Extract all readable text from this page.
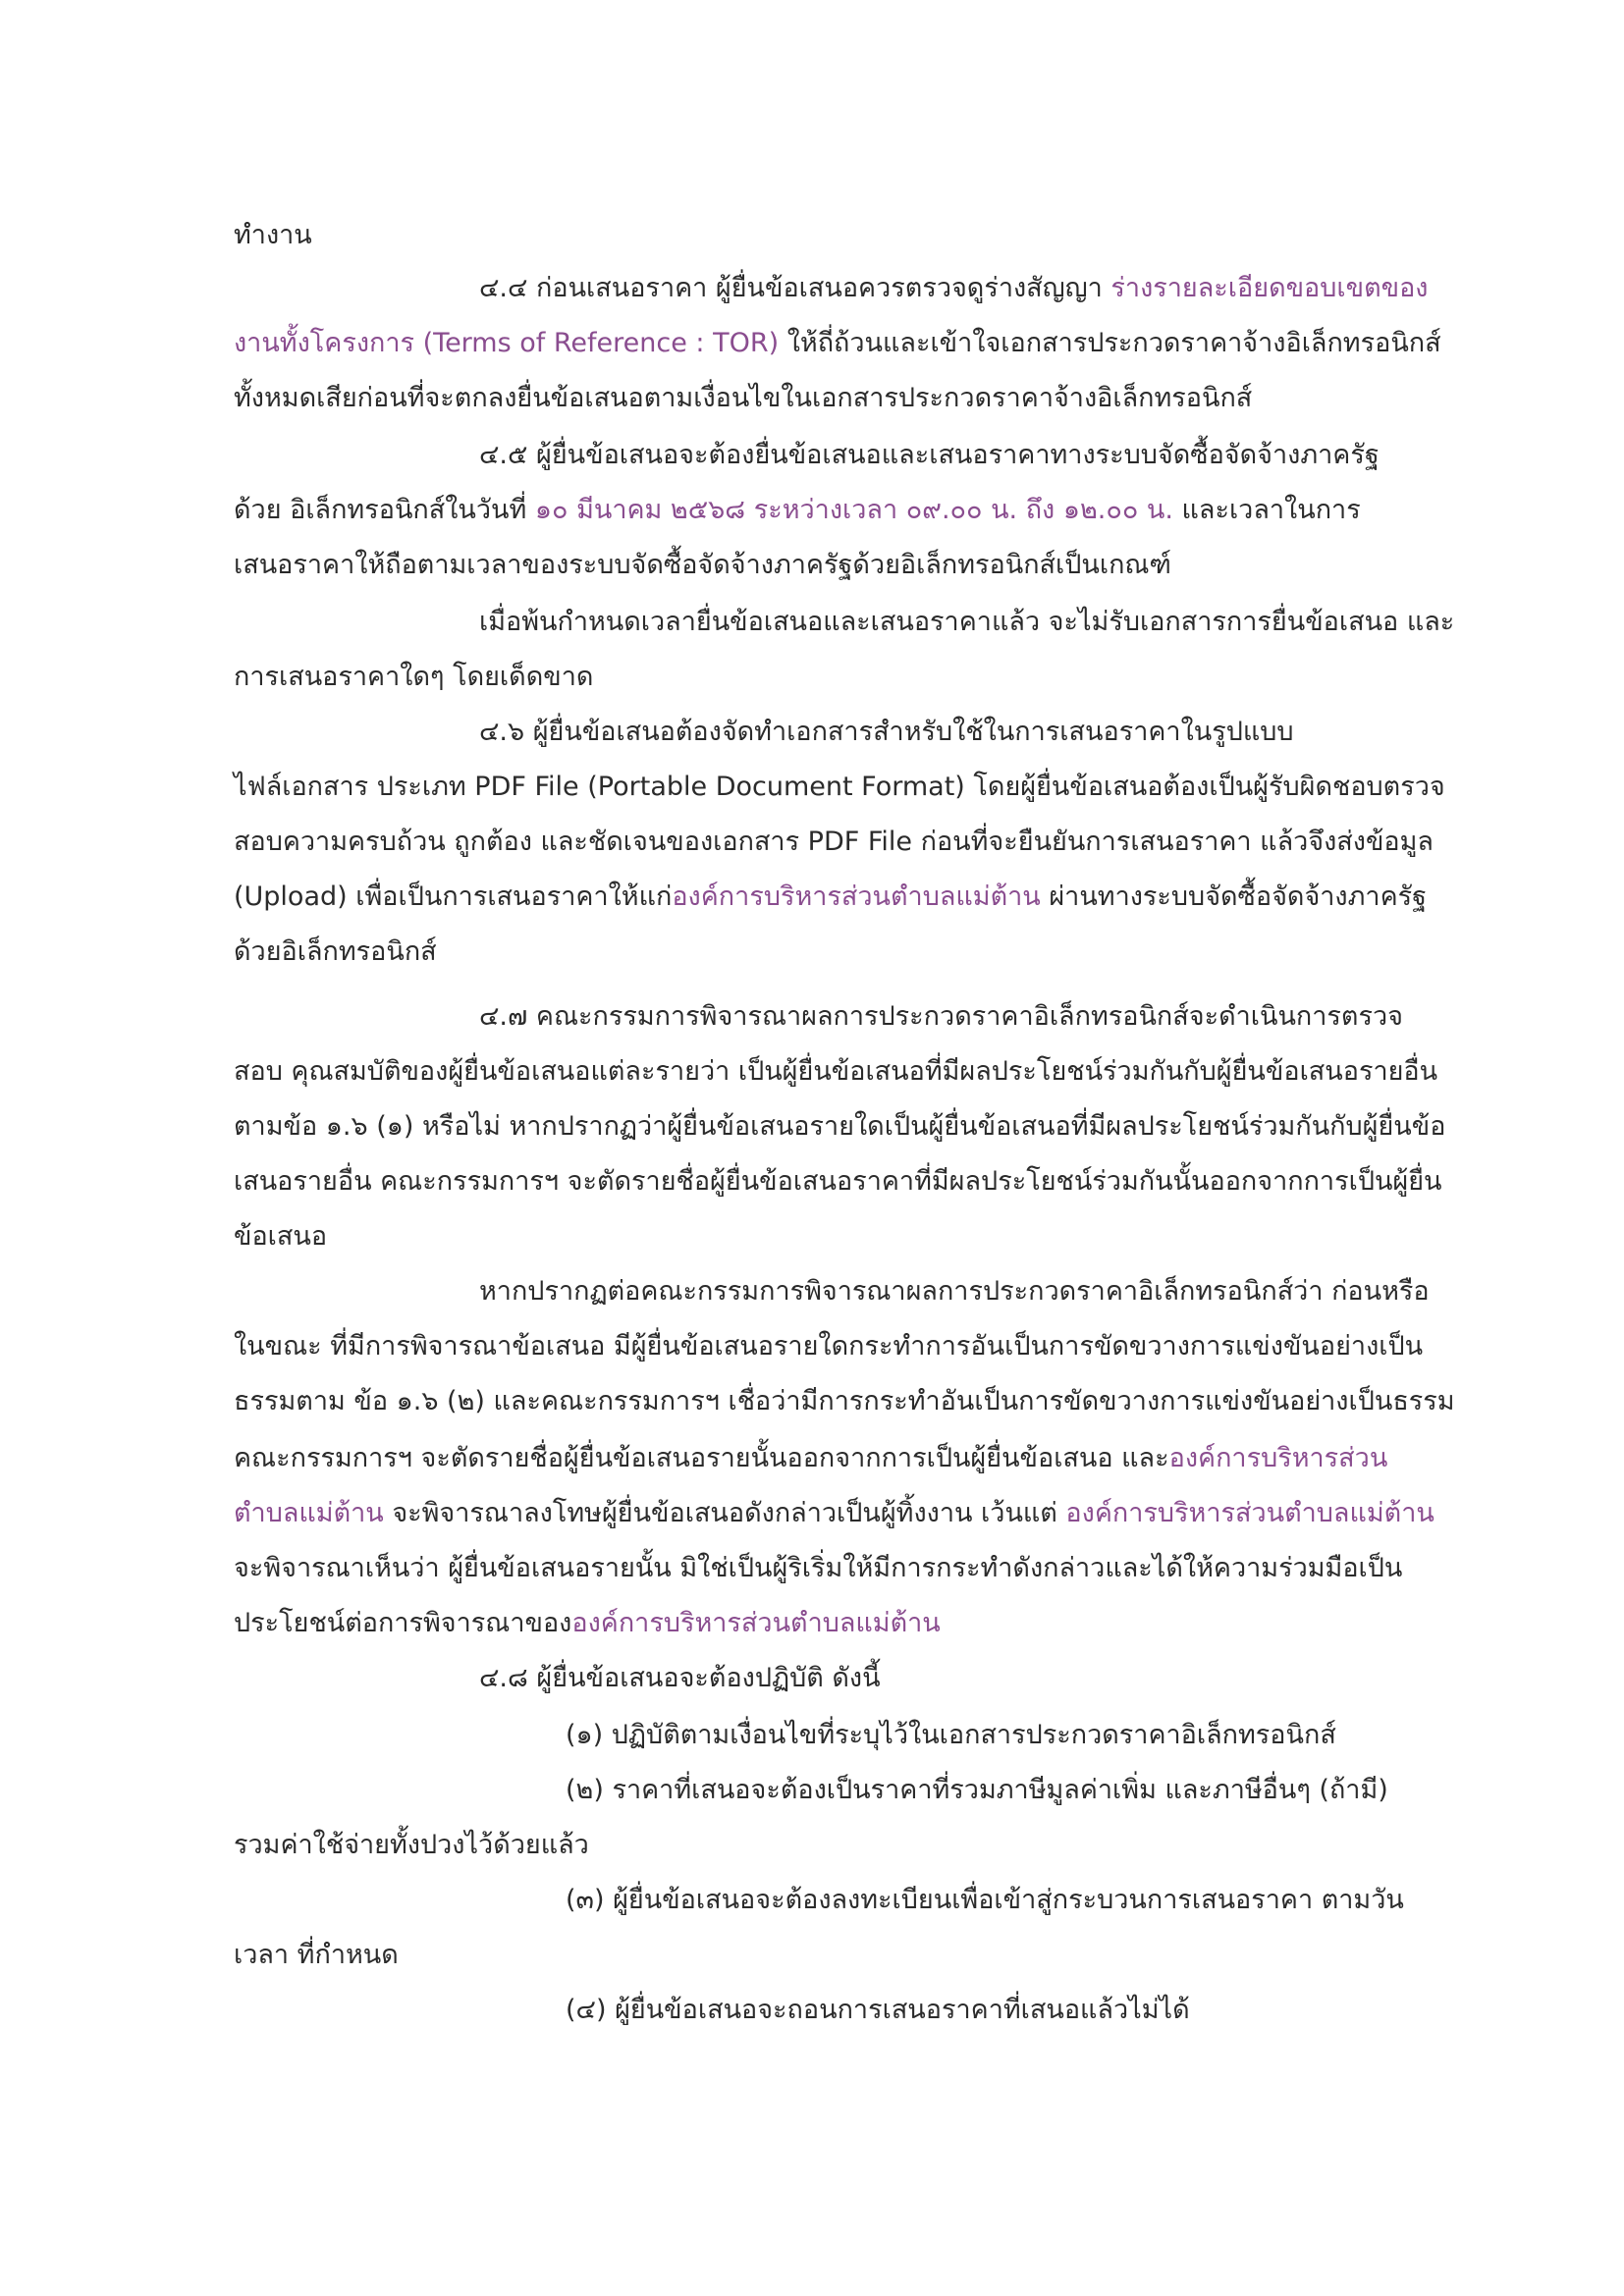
ทำงาน
๔.๔ ก่อนเสนอราคา ผู้ยื่นข้อเสนอควรตรวจดูร่างสัญญา ร่างรายละเอียดขอบเขตของ
งานทั้งโครงการ (Terms of Reference : TOR) ให้ถี่ถ้วนและเข้าใจเอกสารประกวดราคาจ้างอิเล็กทรอนิกส์
ทั้งหมดเสียก่อนที่จะตกลงยื่นข้อเสนอตามเงื่อนไขในเอกสารประกวดราคาจ้างอิเล็กทรอนิกส์
๔.๕ ผู้ยื่นข้อเสนอจะต้องยื่นข้อเสนอและเสนอราคาทางระบบจัดซื้อจัดจ้างภาครัฐ
ด้วย อิเล็กทรอนิกส์ในวันที่ ๑๐ มีนาคม ๒๕๖๘ ระหว่างเวลา ๐๙.๐๐ น. ถึง ๑๒.๐๐ น. และเวลาในการ
เสนอราคาให้ถือตามเวลาของระบบจัดซื้อจัดจ้างภาครัฐด้วยอิเล็กทรอนิกส์เป็นเกณฑ์
เมื่อพ้นกำหนดเวลายื่นข้อเสนอและเสนอราคาแล้ว จะไม่รับเอกสารการยื่นข้อเสนอ และ
การเสนอราคาใดๆ โดยเด็ดขาด
๔.๖ ผู้ยื่นข้อเสนอต้องจัดทำเอกสารสำหรับใช้ในการเสนอราคาในรูปแบบ
ไฟล์เอกสาร ประเภท PDF File (Portable Document Format) โดยผู้ยื่นข้อเสนอต้องเป็นผู้รับผิดชอบตรวจ
สอบความครบถ้วน ถูกต้อง และชัดเจนของเอกสาร PDF File ก่อนที่จะยืนยันการเสนอราคา แล้วจึงส่งข้อมูล
(Upload) เพื่อเป็นการเสนอราคาให้แก่องค์การบริหารส่วนตำบลแม่ต้าน ผ่านทางระบบจัดซื้อจัดจ้างภาครัฐ
ด้วยอิเล็กทรอนิกส์
๔.๗ คณะกรรมการพิจารณาผลการประกวดราคาอิเล็กทรอนิกส์จะดำเนินการตรวจ
สอบ คุณสมบัติของผู้ยื่นข้อเสนอแต่ละรายว่า เป็นผู้ยื่นข้อเสนอที่มีผลประโยชน์ร่วมกันกับผู้ยื่นข้อเสนอรายอื่น
ตามข้อ ๑.๖ (๑) หรือไม่ หากปรากฏว่าผู้ยื่นข้อเสนอรายใดเป็นผู้ยื่นข้อเสนอที่มีผลประโยชน์ร่วมกันกับผู้ยื่นข้อ
เสนอรายอื่น คณะกรรมการฯ จะตัดรายชื่อผู้ยื่นข้อเสนอราคาที่มีผลประโยชน์ร่วมกันนั้นออกจากการเป็นผู้ยื่น
ข้อเสนอ
หากปรากฏต่อคณะกรรมการพิจารณาผลการประกวดราคาอิเล็กทรอนิกส์ว่า ก่อนหรือ
ในขณะ ที่มีการพิจารณาข้อเสนอ มีผู้ยื่นข้อเสนอรายใดกระทำการอันเป็นการขัดขวางการแข่งขันอย่างเป็น
ธรรมตาม ข้อ ๑.๖ (๒) และคณะกรรมการฯ เชื่อว่ามีการกระทำอันเป็นการขัดขวางการแข่งขันอย่างเป็นธรรม
คณะกรรมการฯ จะตัดรายชื่อผู้ยื่นข้อเสนอรายนั้นออกจากการเป็นผู้ยื่นข้อเสนอ และองค์การบริหารส่วน
ตำบลแม่ต้าน จะพิจารณาลงโทษผู้ยื่นข้อเสนอดังกล่าวเป็นผู้ทิ้งงาน เว้นแต่ องค์การบริหารส่วนตำบลแม่ต้าน
จะพิจารณาเห็นว่า ผู้ยื่นข้อเสนอรายนั้น มิใช่เป็นผู้ริเริ่มให้มีการกระทำดังกล่าวและได้ให้ความร่วมมือเป็น
ประโยชน์ต่อการพิจารณาขององค์การบริหารส่วนตำบลแม่ต้าน
๔.๘ ผู้ยื่นข้อเสนอจะต้องปฏิบัติ ดังนี้
(๑) ปฏิบัติตามเงื่อนไขที่ระบุไว้ในเอกสารประกวดราคาอิเล็กทรอนิกส์
(๒) ราคาที่เสนอจะต้องเป็นราคาที่รวมภาษีมูลค่าเพิ่ม และภาษีอื่นๆ (ถ้ามี)
รวมค่าใช้จ่ายทั้งปวงไว้ด้วยแล้ว
(๓) ผู้ยื่นข้อเสนอจะต้องลงทะเบียนเพื่อเข้าสู่กระบวนการเสนอราคา ตามวัน
เวลา ที่กำหนด
(๔) ผู้ยื่นข้อเสนอจะถอนการเสนอราคาที่เสนอแล้วไม่ได้
